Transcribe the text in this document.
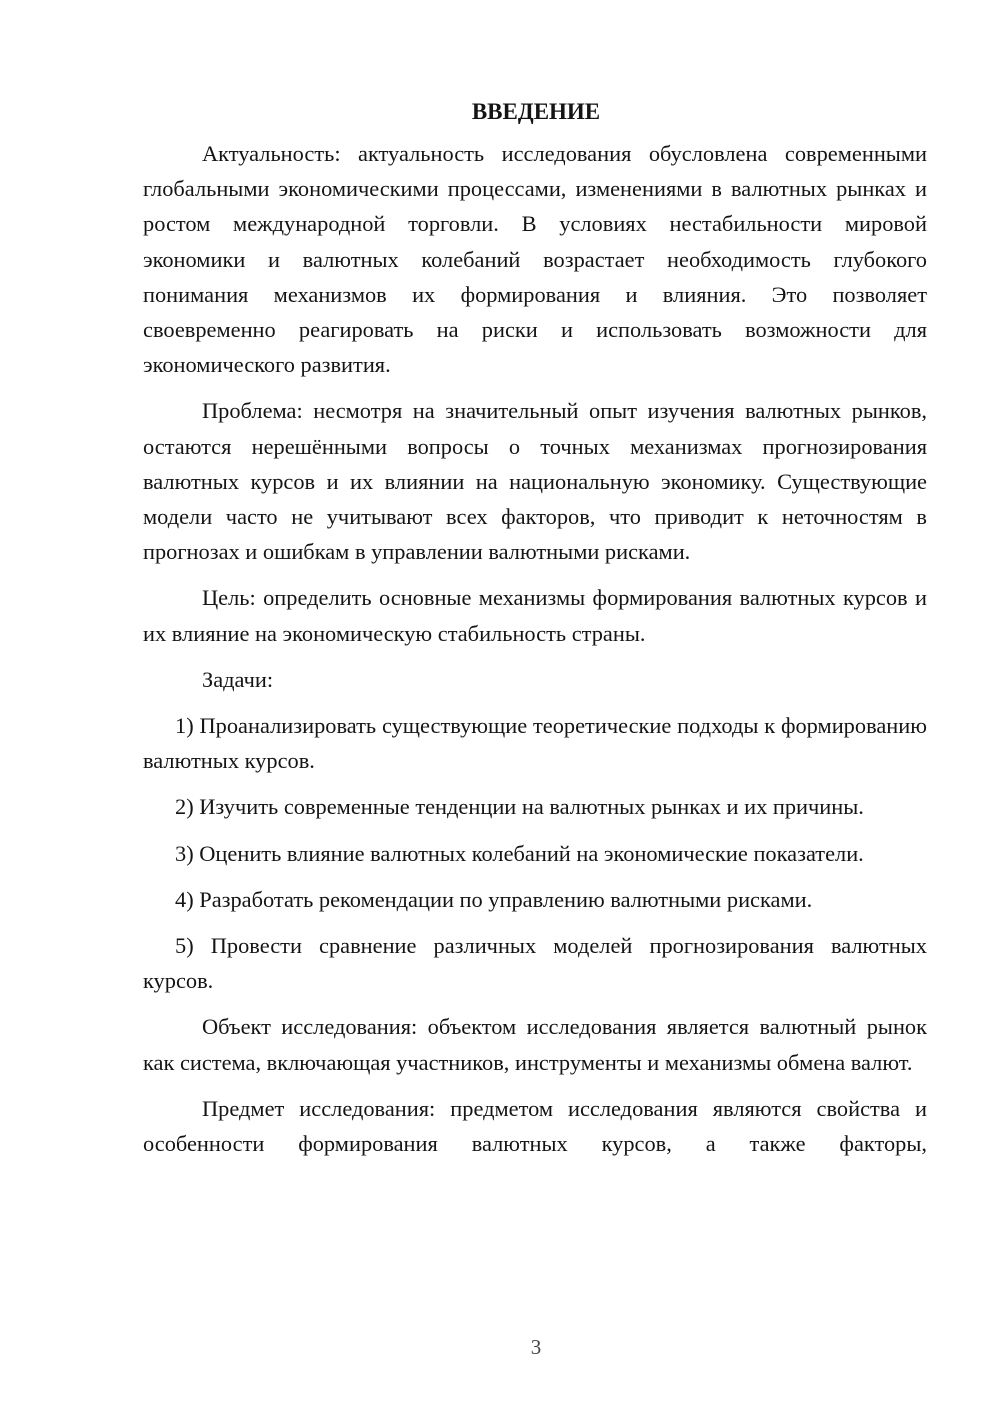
ВВЕДЕНИЕ

Актуальность: актуальность исследования обусловлена современными глобальными экономическими процессами, изменениями в валютных рынках и ростом международной торговли. В условиях нестабильности мировой экономики и валютных колебаний возрастает необходимость глубокого понимания механизмов их формирования и влияния. Это позволяет своевременно реагировать на риски и использовать возможности для экономического развития.

Проблема: несмотря на значительный опыт изучения валютных рынков, остаются нерешёнными вопросы о точных механизмах прогнозирования валютных курсов и их влиянии на национальную экономику. Существующие модели часто не учитывают всех факторов, что приводит к неточностям в прогнозах и ошибкам в управлении валютными рисками.

Цель: определить основные механизмы формирования валютных курсов и их влияние на экономическую стабильность страны.

Задачи:

1) Проанализировать существующие теоретические подходы к формированию валютных курсов.

2) Изучить современные тенденции на валютных рынках и их причины.

3) Оценить влияние валютных колебаний на экономические показатели.

4) Разработать рекомендации по управлению валютными рисками.

5) Провести сравнение различных моделей прогнозирования валютных курсов.

Объект исследования: объектом исследования является валютный рынок как система, включающая участников, инструменты и механизмы обмена валют.

Предмет исследования: предметом исследования являются свойства и особенности формирования валютных курсов, а также факторы,

3
